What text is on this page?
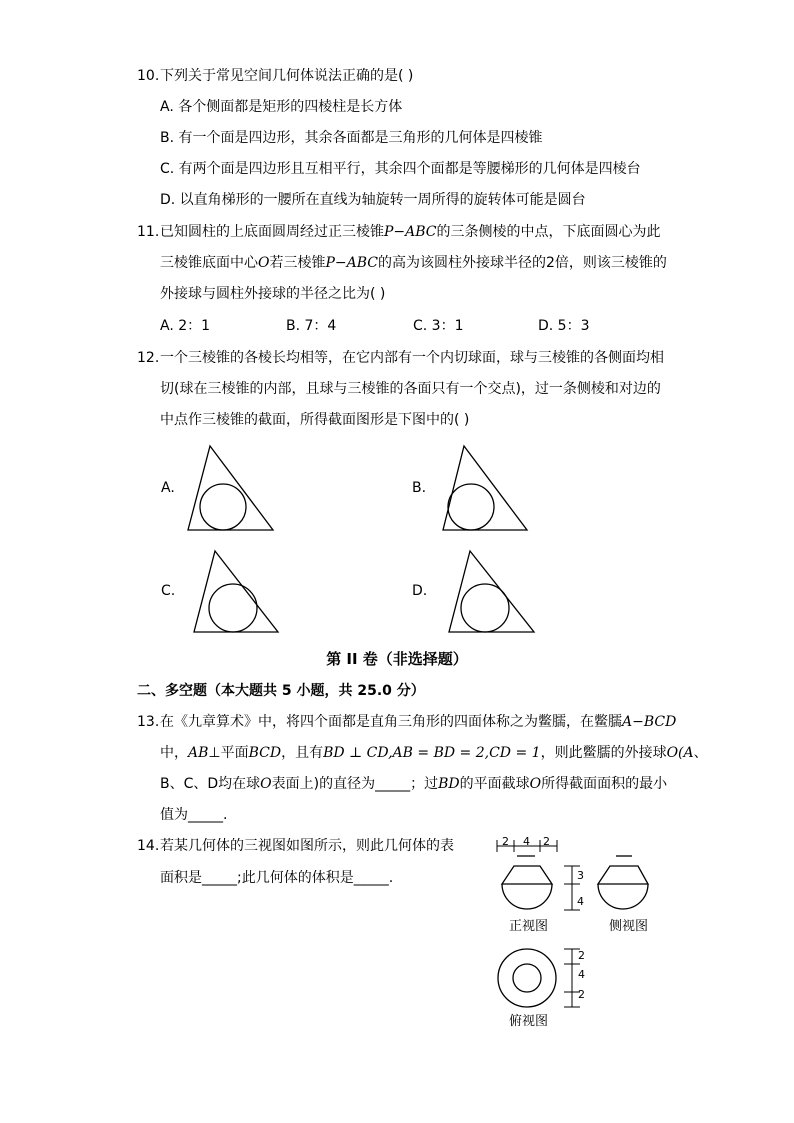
10. 下列关于常见空间几何体说法正确的是( )
A. 各个侧面都是矩形的四棱柱是长方体
B. 有一个面是四边形，其余各面都是三角形的几何体是四棱锥
C. 有两个面是四边形且互相平行，其余四个面都是等腰梯形的几何体是四棱台
D. 以直角梯形的一腰所在直线为轴旋转一周所得的旋转体可能是圆台
11. 已知圆柱的上底面圆周经过正三棱锥P−ABC的三条侧棱的中点，下底面圆心为此
三棱锥底面中心O若三棱锥P−ABC的高为该圆柱外接球半径的2倍，则该三棱锥的
外接球与圆柱外接球的半径之比为( )
A. 2：1	B. 7：4	C. 3：1	D. 5：3
12. 一个三棱锥的各棱长均相等，在它内部有一个内切球面，球与三棱锥的各侧面均相
切(球在三棱锥的内部，且球与三棱锥的各面只有一个交点)，过一条侧棱和对边的
中点作三棱锥的截面，所得截面图形是下图中的( )
A.	B.
C.	D.
第 II 卷（非选择题）
二、多空题（本大题共 5 小题，共 25.0 分）
13. 在《九章算术》中，将四个面都是直角三角形的四面体称之为鳖臑，在鳖臑A−BCD
中，AB⊥平面BCD，且有BD ⊥ CD,AB = BD = 2,CD = 1，则此鳖臑的外接球O(A、
B、C、D均在球O表面上)的直径为_____；过BD的平面截球O所得截面面积的最小
值为_____.
14. 若某几何体的三视图如图所示，则此几何体的表
面积是_____;此几何体的体积是_____.
2 4 2
3
4
2
4
2
正视图	侧视图
俯视图
